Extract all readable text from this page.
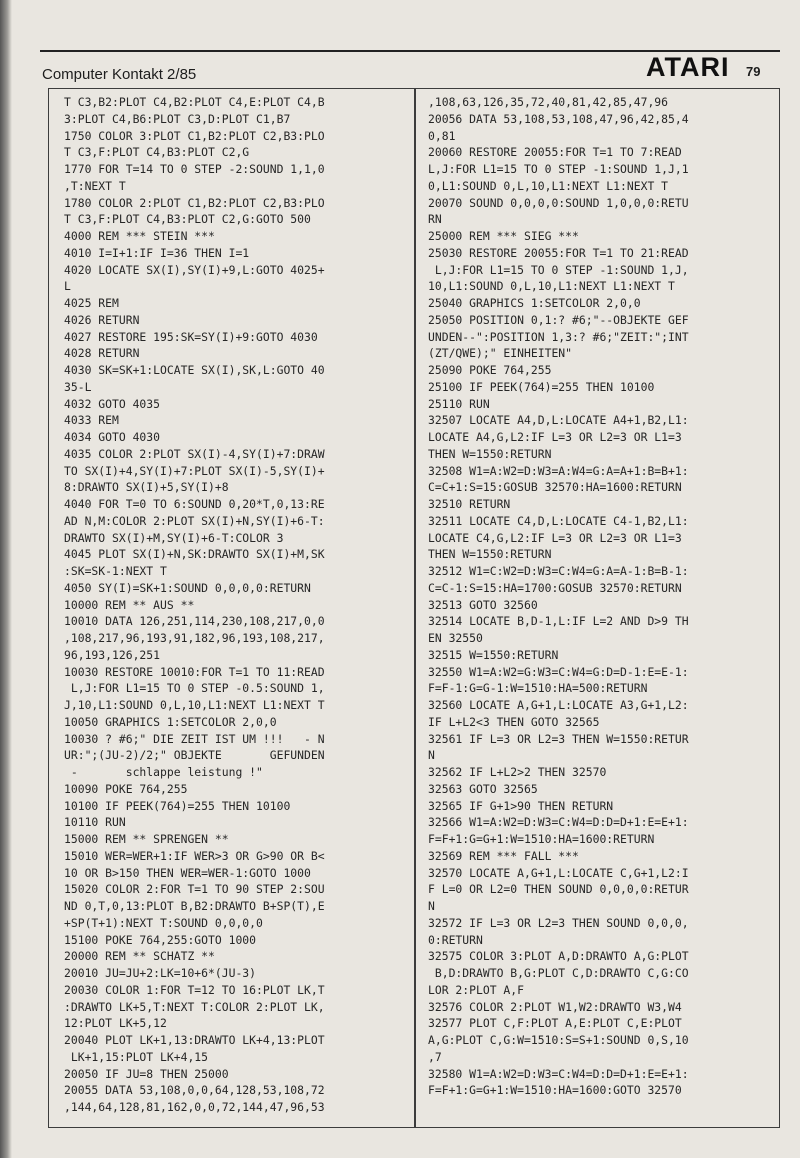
Computer Kontakt 2/85	ATARI 79
T C3,B2:PLOT C4,B2:PLOT C4,E:PLOT C4,B
3:PLOT C4,B6:PLOT C3,D:PLOT C1,B7
1750 COLOR 3:PLOT C1,B2:PLOT C2,B3:PLO
T C3,F:PLOT C4,B3:PLOT C2,G
1770 FOR T=14 TO 0 STEP -2:SOUND 1,1,0
,T:NEXT T
1780 COLOR 2:PLOT C1,B2:PLOT C2,B3:PLO
T C3,F:PLOT C4,B3:PLOT C2,G:GOTO 500
4000 REM *** STEIN ***
4010 I=I+1:IF I=36 THEN I=1
4020 LOCATE SX(I),SY(I)+9,L:GOTO 4025+
L
4025 REM
4026 RETURN
4027 RESTORE 195:SK=SY(I)+9:GOTO 4030
4028 RETURN
4030 SK=SK+1:LOCATE SX(I),SK,L:GOTO 40
35-L
4032 GOTO 4035
4033 REM
4034 GOTO 4030
4035 COLOR 2:PLOT SX(I)-4,SY(I)+7:DRAW
TO SX(I)+4,SY(I)+7:PLOT SX(I)-5,SY(I)+
8:DRAWTO SX(I)+5,SY(I)+8
4040 FOR T=0 TO 6:SOUND 0,20*T,0,13:RE
AD N,M:COLOR 2:PLOT SX(I)+N,SY(I)+6-T:
DRAWTO SX(I)+M,SY(I)+6-T:COLOR 3
4045 PLOT SX(I)+N,SK:DRAWTO SX(I)+M,SK
:SK=SK-1:NEXT T
4050 SY(I)=SK+1:SOUND 0,0,0,0:RETURN
10000 REM ** AUS **
10010 DATA 126,251,114,230,108,217,0,0
,108,217,96,193,91,182,96,193,108,217,
96,193,126,251
10030 RESTORE 10010:FOR T=1 TO 11:READ
L,J:FOR L1=15 TO 0 STEP -0.5:SOUND 1,
J,10,L1:SOUND 0,L,10,L1:NEXT L1:NEXT T
10050 GRAPHICS 1:SETCOLOR 2,0,0
10030 ? #6;" DIE ZEIT IST UM !!!   - N
UR:";(JU-2)/2;" OBJEKTE       GEFUNDEN
-       schlappe leistung !"
10090 POKE 764,255
10100 IF PEEK(764)=255 THEN 10100
10110 RUN
15000 REM ** SPRENGEN **
15010 WER=WER+1:IF WER>3 OR G>90 OR B<
10 OR B>150 THEN WER=WER-1:GOTO 1000
15020 COLOR 2:FOR T=1 TO 90 STEP 2:SOU
ND 0,T,0,13:PLOT B,B2:DRAWTO B+SP(T),E
+SP(T+1):NEXT T:SOUND 0,0,0,0
15100 POKE 764,255:GOTO 1000
20000 REM ** SCHATZ **
20010 JU=JU+2:LK=10+6*(JU-3)
20030 COLOR 1:FOR T=12 TO 16:PLOT LK,T
:DRAWTO LK+5,T:NEXT T:COLOR 2:PLOT LK,
12:PLOT LK+5,12
20040 PLOT LK+1,13:DRAWTO LK+4,13:PLOT
LK+1,15:PLOT LK+4,15
20050 IF JU=8 THEN 25000
20055 DATA 53,108,0,0,64,128,53,108,72
,144,64,128,81,162,0,0,72,144,47,96,53
,108,63,126,35,72,40,81,42,85,47,96
20056 DATA 53,108,53,108,47,96,42,85,4
0,81
20060 RESTORE 20055:FOR T=1 TO 7:READ
L,J:FOR L1=15 TO 0 STEP -1:SOUND 1,J,1
0,L1:SOUND 0,L,10,L1:NEXT L1:NEXT T
20070 SOUND 0,0,0,0:SOUND 1,0,0,0:RETU
RN
25000 REM *** SIEG ***
25030 RESTORE 20055:FOR T=1 TO 21:READ
L,J:FOR L1=15 TO 0 STEP -1:SOUND 1,J,
10,L1:SOUND 0,L,10,L1:NEXT L1:NEXT T
25040 GRAPHICS 1:SETCOLOR 2,0,0
25050 POSITION 0,1:? #6;"--OBJEKTE GEF
UNDEN--":POSITION 1,3:? #6;"ZEIT:";INT
(ZT/QWE);" EINHEITEN"
25090 POKE 764,255
25100 IF PEEK(764)=255 THEN 10100
25110 RUN
32507 LOCATE A4,D,L:LOCATE A4+1,B2,L1:
LOCATE A4,G,L2:IF L=3 OR L2=3 OR L1=3
THEN W=1550:RETURN
32508 W1=A:W2=D:W3=A:W4=G:A=A+1:B=B+1:
C=C+1:S=15:GOSUB 32570:HA=1600:RETURN
32510 RETURN
32511 LOCATE C4,D,L:LOCATE C4-1,B2,L1:
LOCATE C4,G,L2:IF L=3 OR L2=3 OR L1=3
THEN W=1550:RETURN
32512 W1=C:W2=D:W3=C:W4=G:A=A-1:B=B-1:
C=C-1:S=15:HA=1700:GOSUB 32570:RETURN
32513 GOTO 32560
32514 LOCATE B,D-1,L:IF L=2 AND D>9 TH
EN 32550
32515 W=1550:RETURN
32550 W1=A:W2=G:W3=C:W4=G:D=D-1:E=E-1:
F=F-1:G=G-1:W=1510:HA=500:RETURN
32560 LOCATE A,G+1,L:LOCATE A3,G+1,L2:
IF L+L2<3 THEN GOTO 32565
32561 IF L=3 OR L2=3 THEN W=1550:RETUR
N
32562 IF L+L2>2 THEN 32570
32563 GOTO 32565
32565 IF G+1>90 THEN RETURN
32566 W1=A:W2=D:W3=C:W4=D:D=D+1:E=E+1:
F=F+1:G=G+1:W=1510:HA=1600:RETURN
32569 REM *** FALL ***
32570 LOCATE A,G+1,L:LOCATE C,G+1,L2:I
F L=0 OR L2=0 THEN SOUND 0,0,0,0:RETUR
N
32572 IF L=3 OR L2=3 THEN SOUND 0,0,0,
0:RETURN
32575 COLOR 3:PLOT A,D:DRAWTO A,G:PLOT
B,D:DRAWTO B,G:PLOT C,D:DRAWTO C,G:CO
LOR 2:PLOT A,F
32576 COLOR 2:PLOT W1,W2:DRAWTO W3,W4
32577 PLOT C,F:PLOT A,E:PLOT C,E:PLOT
A,G:PLOT C,G:W=1510:S=S+1:SOUND 0,S,10
,7
32580 W1=A:W2=D:W3=C:W4=D:D=D+1:E=E+1:
F=F+1:G=G+1:W=1510:HA=1600:GOTO 32570
